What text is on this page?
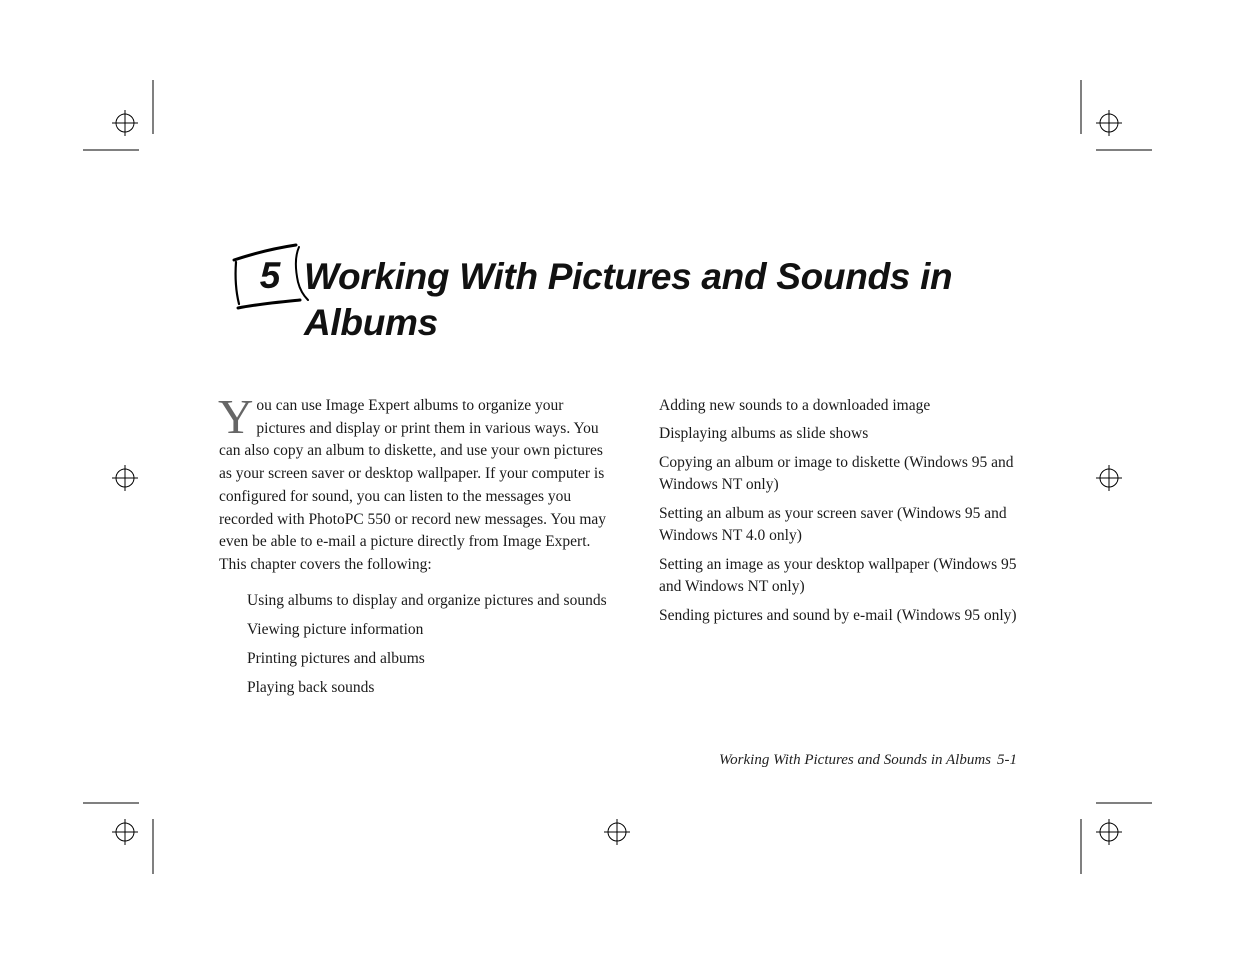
5 Working With Pictures and Sounds in Albums

You can use Image Expert albums to organize your pictures and display or print them in various ways. You can also copy an album to diskette, and use your own pictures as your screen saver or desktop wallpaper. If your computer is configured for sound, you can listen to the messages you recorded with PhotoPC 550 or record new messages. You may even be able to e-mail a picture directly from Image Expert. This chapter covers the following:

Using albums to display and organize pictures and sounds
Viewing picture information
Printing pictures and albums
Playing back sounds
Adding new sounds to a downloaded image
Displaying albums as slide shows
Copying an album or image to diskette (Windows 95 and Windows NT only)
Setting an album as your screen saver (Windows 95 and Windows NT 4.0 only)
Setting an image as your desktop wallpaper (Windows 95 and Windows NT only)
Sending pictures and sound by e-mail (Windows 95 only)
Working With Pictures and Sounds in Albums 5-1
